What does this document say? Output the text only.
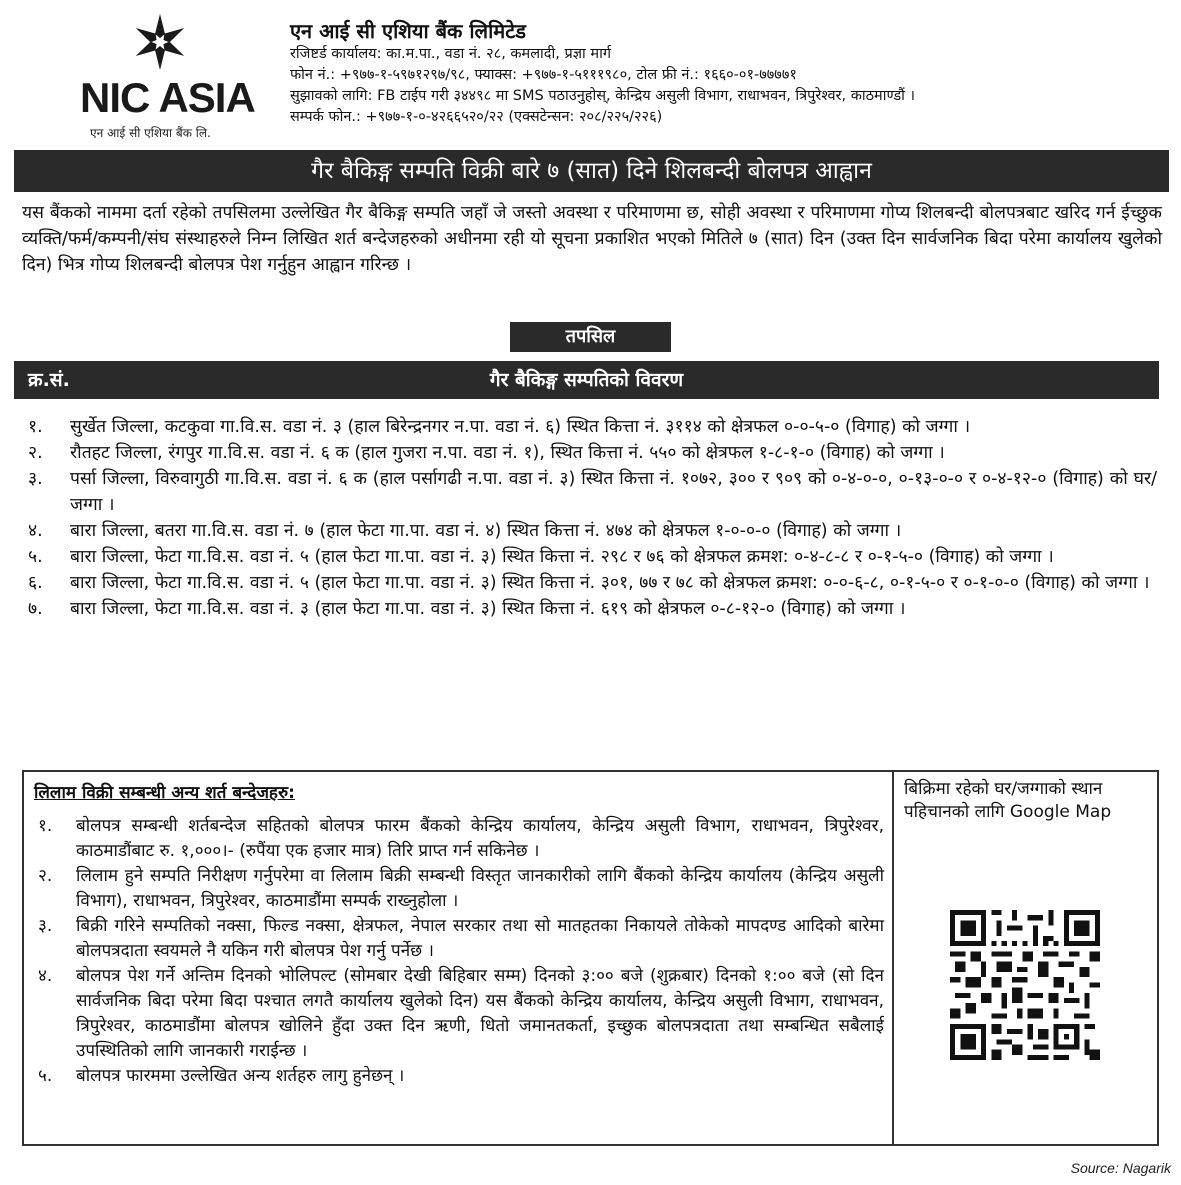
NIC ASIA
एन आई सी एशिया बैंक लि.
एन आई सी एशिया बैंक लिमिटेड
रजिष्टर्ड कार्यालय: का.म.पा., वडा नं. २८, कमलादी, प्रज्ञा मार्ग
फोन नं.: +९७७-१-५९७१२९७/९८, फ्याक्स: +९७७-१-५१११९८०, टोल फ्री नं.: १६६०-०१-७७७७१
सुझावको लागि: FB टाईप गरी ३४४९८ मा SMS पठाउनुहोस्, केन्द्रिय असुली विभाग, राधाभवन, त्रिपुरेश्वर, काठमाण्डौं ।
सम्पर्क फोन.: +९७७-१-०-४२६६५२०/२२ (एक्सटेन्सन: २०८/२२५/२२६)
गैर बैकिङ्ग सम्पति विक्री बारे ७ (सात) दिने शिलबन्दी बोलपत्र आह्वान
यस बैंकको नाममा दर्ता रहेको तपसिलमा उल्लेखित गैर बैकिङ्ग सम्पति जहाँ जे जस्तो अवस्था र परिमाणमा छ, सोही अवस्था र परिमाणमा गोप्य शिलबन्दी बोलपत्रबाट खरिद गर्न ईच्छुक व्यक्ति/फर्म/कम्पनी/संघ संस्थाहरुले निम्न लिखित शर्त बन्देजहरुको अधीनमा रही यो सूचना प्रकाशित भएको मितिले ७ (सात) दिन (उक्त दिन सार्वजनिक बिदा परेमा कार्यालय खुलेको दिन) भित्र गोप्य शिलबन्दी बोलपत्र पेश गर्नुहुन आह्वान गरिन्छ ।
तपसिल
गैर बैकिङ्ग सम्पतिको विवरण
क्र.सं.
१. सुर्खेत जिल्ला, कटकुवा गा.वि.स. वडा नं. ३ (हाल बिरेन्द्रनगर न.पा. वडा नं. ६) स्थित कित्ता नं. ३११४ को क्षेत्रफल ०-०-५-० (विगाह) को जग्गा ।
२. रौतहट जिल्ला, रंगपुर गा.वि.स. वडा नं. ६ क (हाल गुजरा न.पा. वडा नं. १), स्थित कित्ता नं. ५५० को क्षेत्रफल १-८-१-० (विगाह) को जग्गा ।
३. पर्सा जिल्ला, विरुवागुठी गा.वि.स. वडा नं. ६ क (हाल पर्सागढी न.पा. वडा नं. ३) स्थित कित्ता नं. १०७२, ३०० र ९०९ को ०-४-०-०, ०-१३-०-० र ०-४-१२-० (विगाह) को घर/जग्गा ।
४. बारा जिल्ला, बतरा गा.वि.स. वडा नं. ७ (हाल फेटा गा.पा. वडा नं. ४) स्थित कित्ता नं. ४७४ को क्षेत्रफल १-०-०-० (विगाह) को जग्गा ।
५. बारा जिल्ला, फेटा गा.वि.स. वडा नं. ५ (हाल फेटा गा.पा. वडा नं. ३) स्थित कित्ता नं. २९८ र ७६ को क्षेत्रफल क्रमश: ०-४-८-८ र ०-१-५-० (विगाह) को जग्गा ।
६. बारा जिल्ला, फेटा गा.वि.स. वडा नं. ५ (हाल फेटा गा.पा. वडा नं. ३) स्थित कित्ता नं. ३०१, ७७ र ७८ को क्षेत्रफल क्रमश: ०-०-६-८, ०-१-५-० र ०-१-०-० (विगाह) को जग्गा ।
७. बारा जिल्ला, फेटा गा.वि.स. वडा नं. ३ (हाल फेटा गा.पा. वडा नं. ३) स्थित कित्ता नं. ६१९ को क्षेत्रफल ०-८-१२-० (विगाह) को जग्गा ।
लिलाम विक्री सम्बन्धी अन्य शर्त बन्देजहरु:
१. बोलपत्र सम्बन्धी शर्तबन्देज सहितको बोलपत्र फारम बैंकको केन्द्रिय कार्यालय, केन्द्रिय असुली विभाग, राधाभवन, त्रिपुरेश्वर, काठमाडौंबाट रु. १,०००।- (रुपैंया एक हजार मात्र) तिरि प्राप्त गर्न सकिनेछ ।
२. लिलाम हुने सम्पति निरीक्षण गर्नुपरेमा वा लिलाम बिक्री सम्बन्धी विस्तृत जानकारीको लागि बैंकको केन्द्रिय कार्यालय (केन्द्रिय असुली विभाग), राधाभवन, त्रिपुरेश्वर, काठमाडौंमा सम्पर्क राख्नुहोला ।
३. बिक्री गरिने सम्पतिको नक्सा, फिल्ड नक्सा, क्षेत्रफल, नेपाल सरकार तथा सो मातहतका निकायले तोकेको मापदण्ड आदिको बारेमा बोलपत्रदाता स्वयमले नै यकिन गरी बोलपत्र पेश गर्नु पर्नेछ ।
४. बोलपत्र पेश गर्ने अन्तिम दिनको भोलिपल्ट (सोमबार देखी बिहिबार सम्म) दिनको ३:०० बजे (शुक्रबार) दिनको १:०० बजे (सो दिन सार्वजनिक बिदा परेमा बिदा पश्चात लगतै कार्यालय खुलेको दिन) यस बैंकको केन्द्रिय कार्यालय, केन्द्रिय असुली विभाग, राधाभवन, त्रिपुरेश्वर, काठमाडौंमा बोलपत्र खोलिने हुँदा उक्त दिन ऋणी, धितो जमानतकर्ता, इच्छुक बोलपत्रदाता तथा सम्बन्धित सबैलाई उपस्थितिको लागि जानकारी गराईन्छ ।
५. बोलपत्र फारममा उल्लेखित अन्य शर्तहरु लागु हुनेछन् ।
बिक्रिमा रहेको घर/जग्गाको स्थान पहिचानको लागि Google Map
Source: Nagarik
